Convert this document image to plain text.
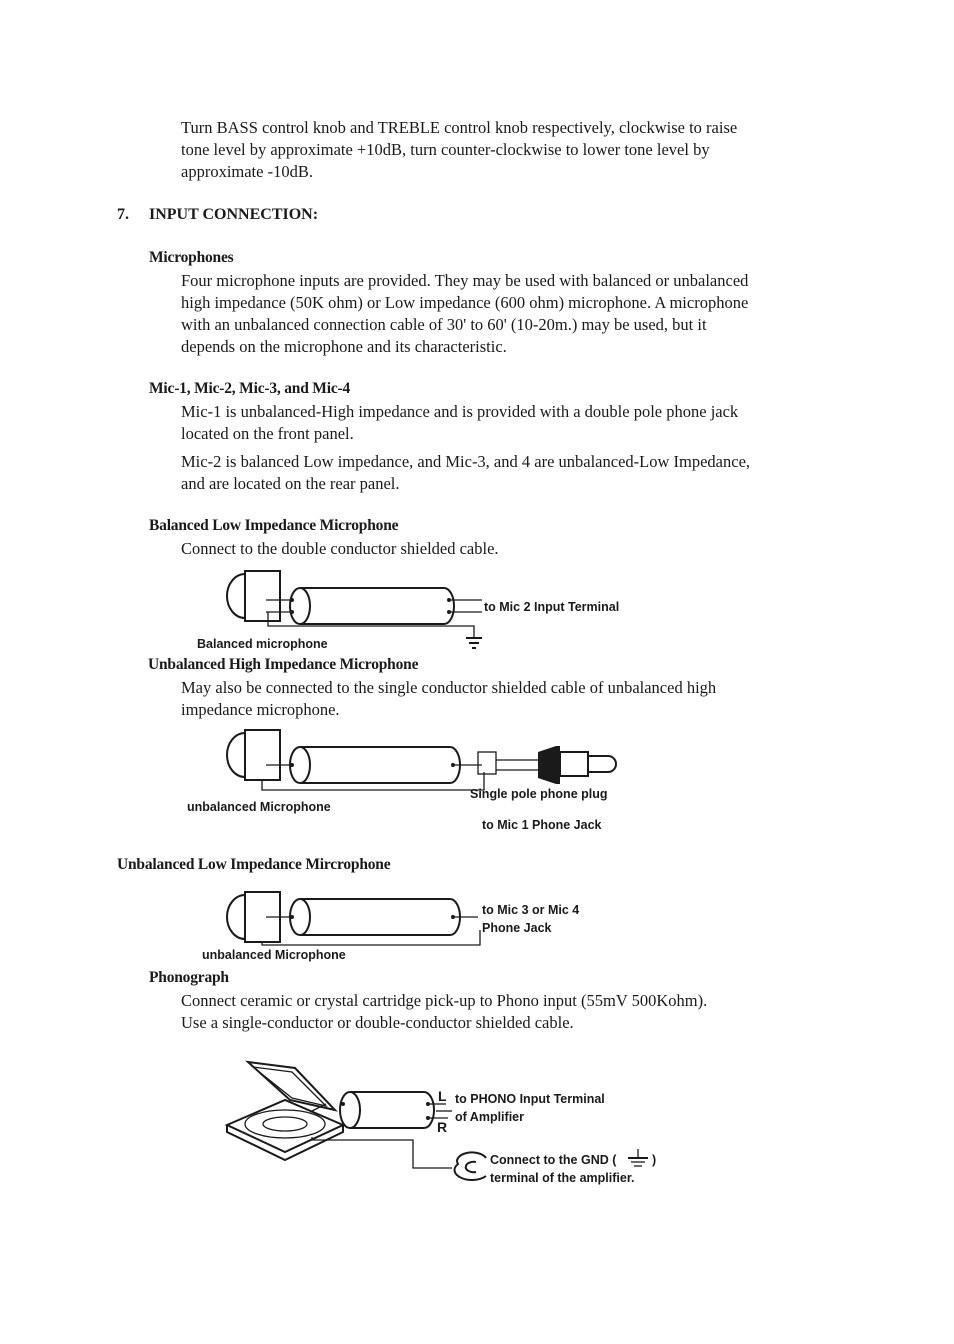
Turn BASS control knob and TREBLE control knob respectively, clockwise to raise
tone level by approximate +10dB, turn counter-clockwise to lower tone level by
approximate -10dB.
7. INPUT CONNECTION:
Microphones
Four microphone inputs are provided. They may be used with balanced or unbalanced
high impedance (50K ohm) or Low impedance (600 ohm) microphone. A microphone
with an unbalanced connection cable of 30' to 60' (10-20m.) may be used, but it
depends on the microphone and its characteristic.
Mic-1, Mic-2, Mic-3, and Mic-4
Mic-1 is unbalanced-High impedance and is provided with a double pole phone jack
located on the front panel.
Mic-2 is balanced Low impedance, and Mic-3, and 4 are unbalanced-Low Impedance,
and are located on the rear panel.
Balanced Low Impedance Microphone
Connect to the double conductor shielded cable.
Unbalanced High Impedance Microphone
May also be connected to the single conductor shielded cable of unbalanced high
impedance microphone.
Unbalanced Low Impedance Mircrophone
Phonograph
Connect ceramic or crystal cartridge pick-up to Phono input (55mV 500Kohm).
Use a single-conductor or double-conductor shielded cable.
to Mic 2 Input Terminal
Balanced microphone
Single pole phone plug
to Mic 1 Phone Jack
unbalanced Microphone
to Mic 3 or Mic 4
Phone Jack
unbalanced Microphone
L
R
to PHONO Input Terminal
of Amplifier
Connect to the GND (	)
terminal of the amplifier.
